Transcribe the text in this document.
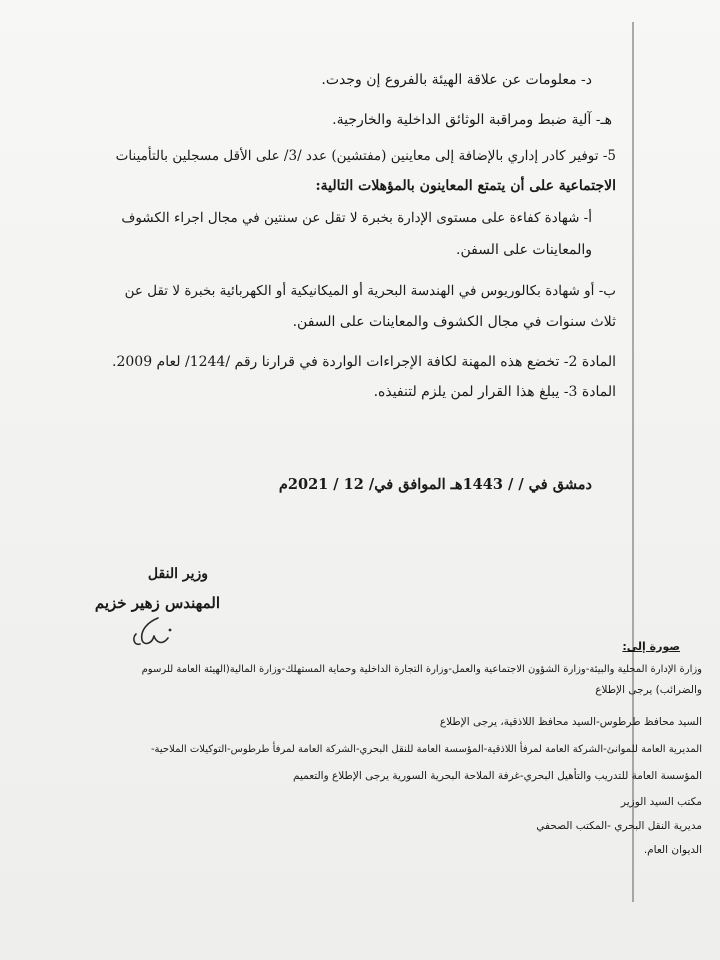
د- معلومات عن علاقة الهيئة بالفروع إن وجدت.
هـ- آلية ضبط ومراقبة الوثائق الداخلية والخارجية.
5- توفير كادر إداري بالإضافة إلى معاينين (مفتشين) عدد /3/ على الأقل مسجلين بالتأمينات
الاجتماعية على أن يتمتع المعاينون بالمؤهلات التالية:
أ- شهادة كفاءة على مستوى الإدارة بخبرة لا تقل عن سنتين في مجال اجراء الكشوف
والمعاينات على السفن.
ب- أو شهادة بكالوريوس في الهندسة البحرية أو الميكانيكية أو الكهربائية بخبرة لا تقل عن
ثلاث سنوات في مجال الكشوف والمعاينات على السفن.
المادة 2- تخضع هذه المهنة لكافة الإجراءات الواردة في قرارنا رقم /1244/ لعام 2009.
المادة 3- يبلغ هذا القرار لمن يلزم لتنفيذه.
دمشق في / / 1443هـ الموافق في/ 12 / 2021م
وزير النقل
المهندس زهير خزيم
صورة إلى:
وزارة الإدارة المحلية والبيئة-وزارة الشؤون الاجتماعية والعمل-وزارة التجارة الداخلية وحماية المستهلك-وزارة المالية(الهيئة العامة للرسوم
والضرائب) يرجى الإطلاع
السيد محافظ طرطوس-السيد محافظ اللاذقية، يرجى الإطلاع
المديرية العامة للموانئ-الشركة العامة لمرفأ اللاذقية-المؤسسة العامة للنقل البحري-الشركة العامة لمرفأ طرطوس-التوكيلات الملاحية-
المؤسسة العامة للتدريب والتأهيل البحري-غرفة الملاحة البحرية السورية يرجى الإطلاع والتعميم
مكتب السيد الوزير
مديرية النقل البحري -المكتب الصحفي
الديوان العام.
